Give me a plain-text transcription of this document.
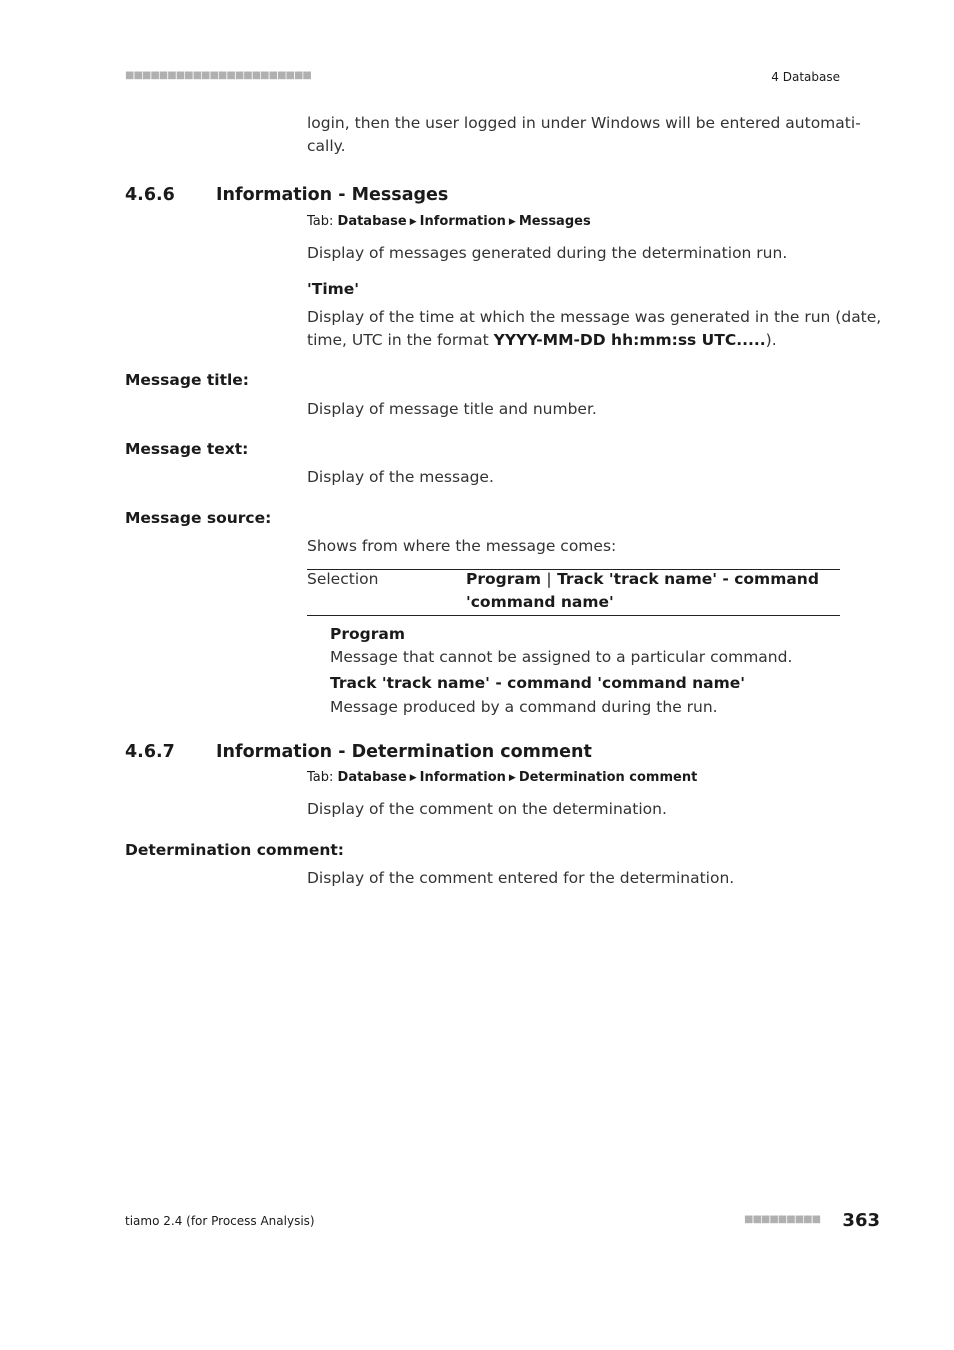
■■■■■■■■■■■■■■■■■■■■■■	4 Database
login, then the user logged in under Windows will be entered automati-
cally.
4.6.6 Information - Messages
Tab: Database ▶ Information ▶ Messages
Display of messages generated during the determination run.
'Time'
Display of the time at which the message was generated in the run (date,
time, UTC in the format YYYY-MM-DD hh:mm:ss UTC.....).
Message title:
Display of message title and number.
Message text:
Display of the message.
Message source:
Shows from where the message comes:
Selection	Program | Track 'track name' - command
'command name'
Program
Message that cannot be assigned to a particular command.
Track 'track name' - command 'command name'
Message produced by a command during the run.
4.6.7 Information - Determination comment
Tab: Database ▶ Information ▶ Determination comment
Display of the comment on the determination.
Determination comment:
Display of the comment entered for the determination.
tiamo 2.4 (for Process Analysis)	■■■■■■■■■ 363
